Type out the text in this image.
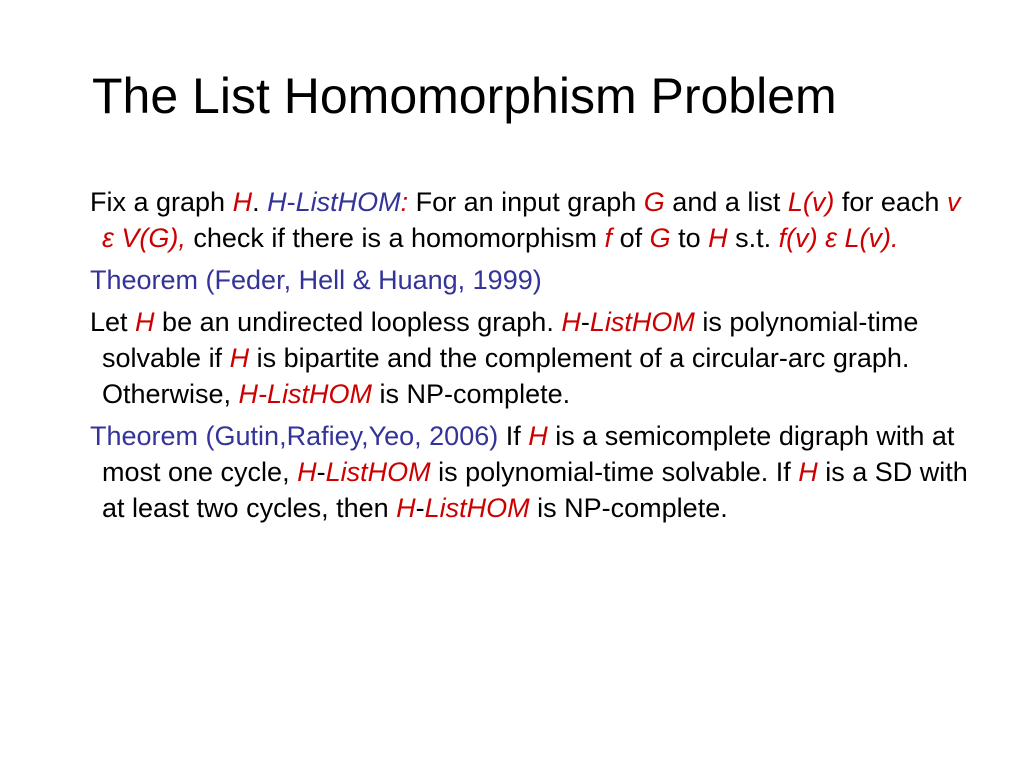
The List Homomorphism Problem

Fix a graph H. H-ListHOM: For an input graph G and a list L(v) for each v ε V(G), check if there is a homomorphism f of G to H s.t. f(v) ε L(v).

Theorem (Feder, Hell & Huang, 1999)

Let H be an undirected loopless graph. H-ListHOM is polynomial-time solvable if H is bipartite and the complement of a circular-arc graph. Otherwise, H-ListHOM is NP-complete.

Theorem (Gutin,Rafiey,Yeo, 2006) If H is a semicomplete digraph with at most one cycle, H-ListHOM is polynomial-time solvable. If H is a SD with at least two cycles, then H-ListHOM is NP-complete.
